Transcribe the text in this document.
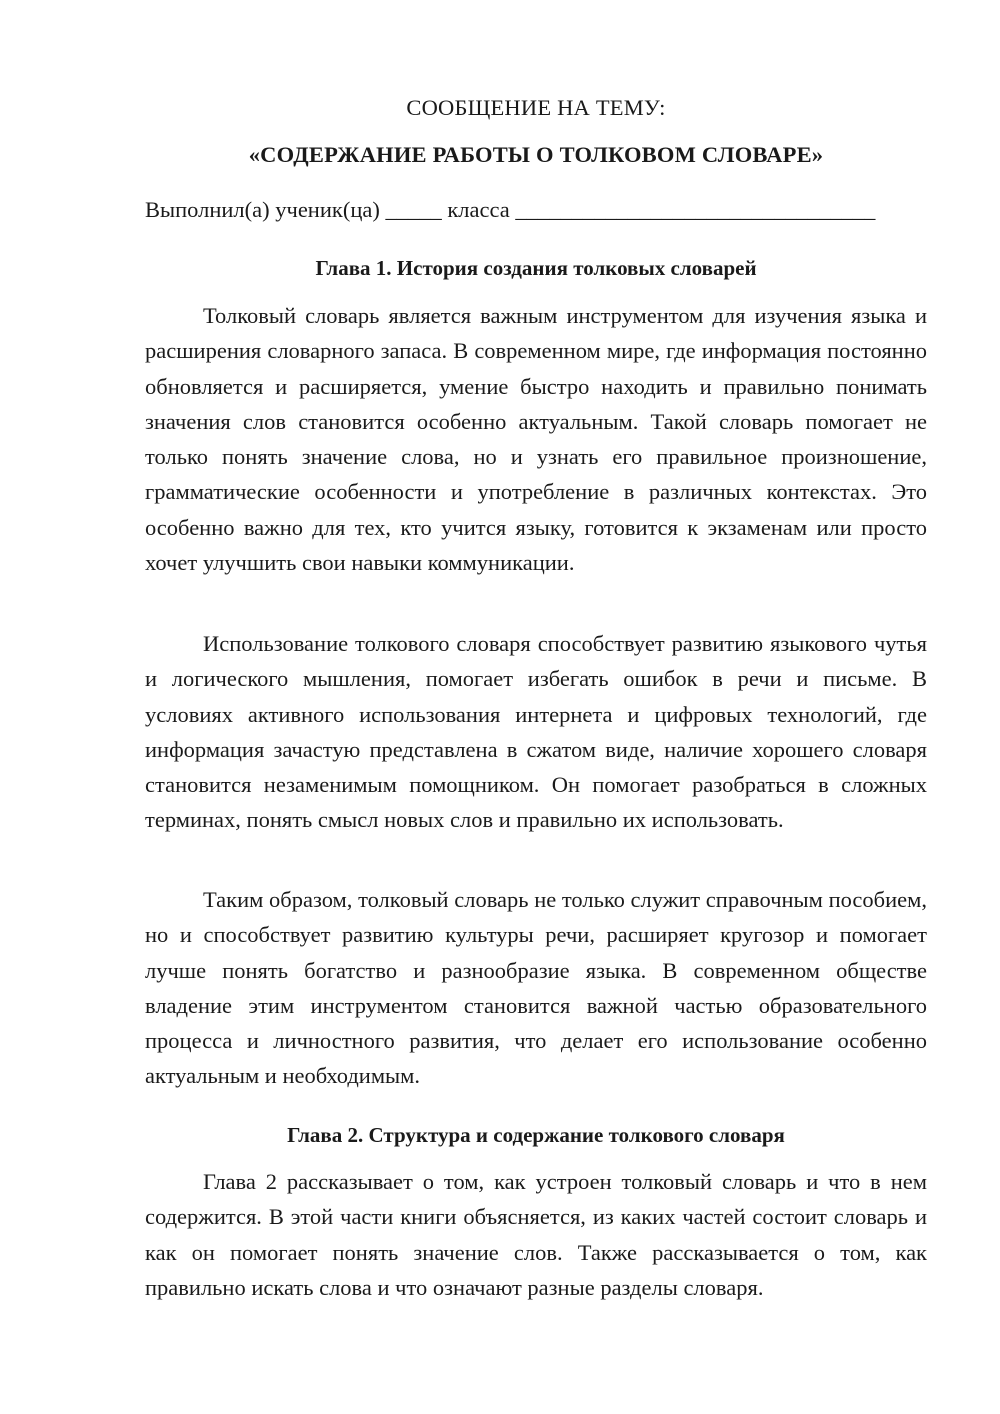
СООБЩЕНИЕ НА ТЕМУ:
«СОДЕРЖАНИЕ РАБОТЫ О ТОЛКОВОМ СЛОВАРЕ»
Выполнил(а) ученик(ца) _____ класса ________________________________
Глава 1. История создания толковых словарей

Толковый словарь является важным инструментом для изучения языка и расширения словарного запаса. В современном мире, где информация постоянно обновляется и расширяется, умение быстро находить и правильно понимать значения слов становится особенно актуальным. Такой словарь помогает не только понять значение слова, но и узнать его правильное произношение, грамматические особенности и употребление в различных контекстах. Это особенно важно для тех, кто учится языку, готовится к экзаменам или просто хочет улучшить свои навыки коммуникации.

Использование толкового словаря способствует развитию языкового чутья и логического мышления, помогает избегать ошибок в речи и письме. В условиях активного использования интернета и цифровых технологий, где информация зачастую представлена в сжатом виде, наличие хорошего словаря становится незаменимым помощником. Он помогает разобраться в сложных терминах, понять смысл новых слов и правильно их использовать.

Таким образом, толковый словарь не только служит справочным пособием, но и способствует развитию культуры речи, расширяет кругозор и помогает лучше понять богатство и разнообразие языка. В современном обществе владение этим инструментом становится важной частью образовательного процесса и личностного развития, что делает его использование особенно актуальным и необходимым.

Глава 2. Структура и содержание толкового словаря

Глава 2 рассказывает о том, как устроен толковый словарь и что в нем содержится. В этой части книги объясняется, из каких частей состоит словарь и как он помогает понять значение слов. Также рассказывается о том, как правильно искать слова и что означают разные разделы словаря.
